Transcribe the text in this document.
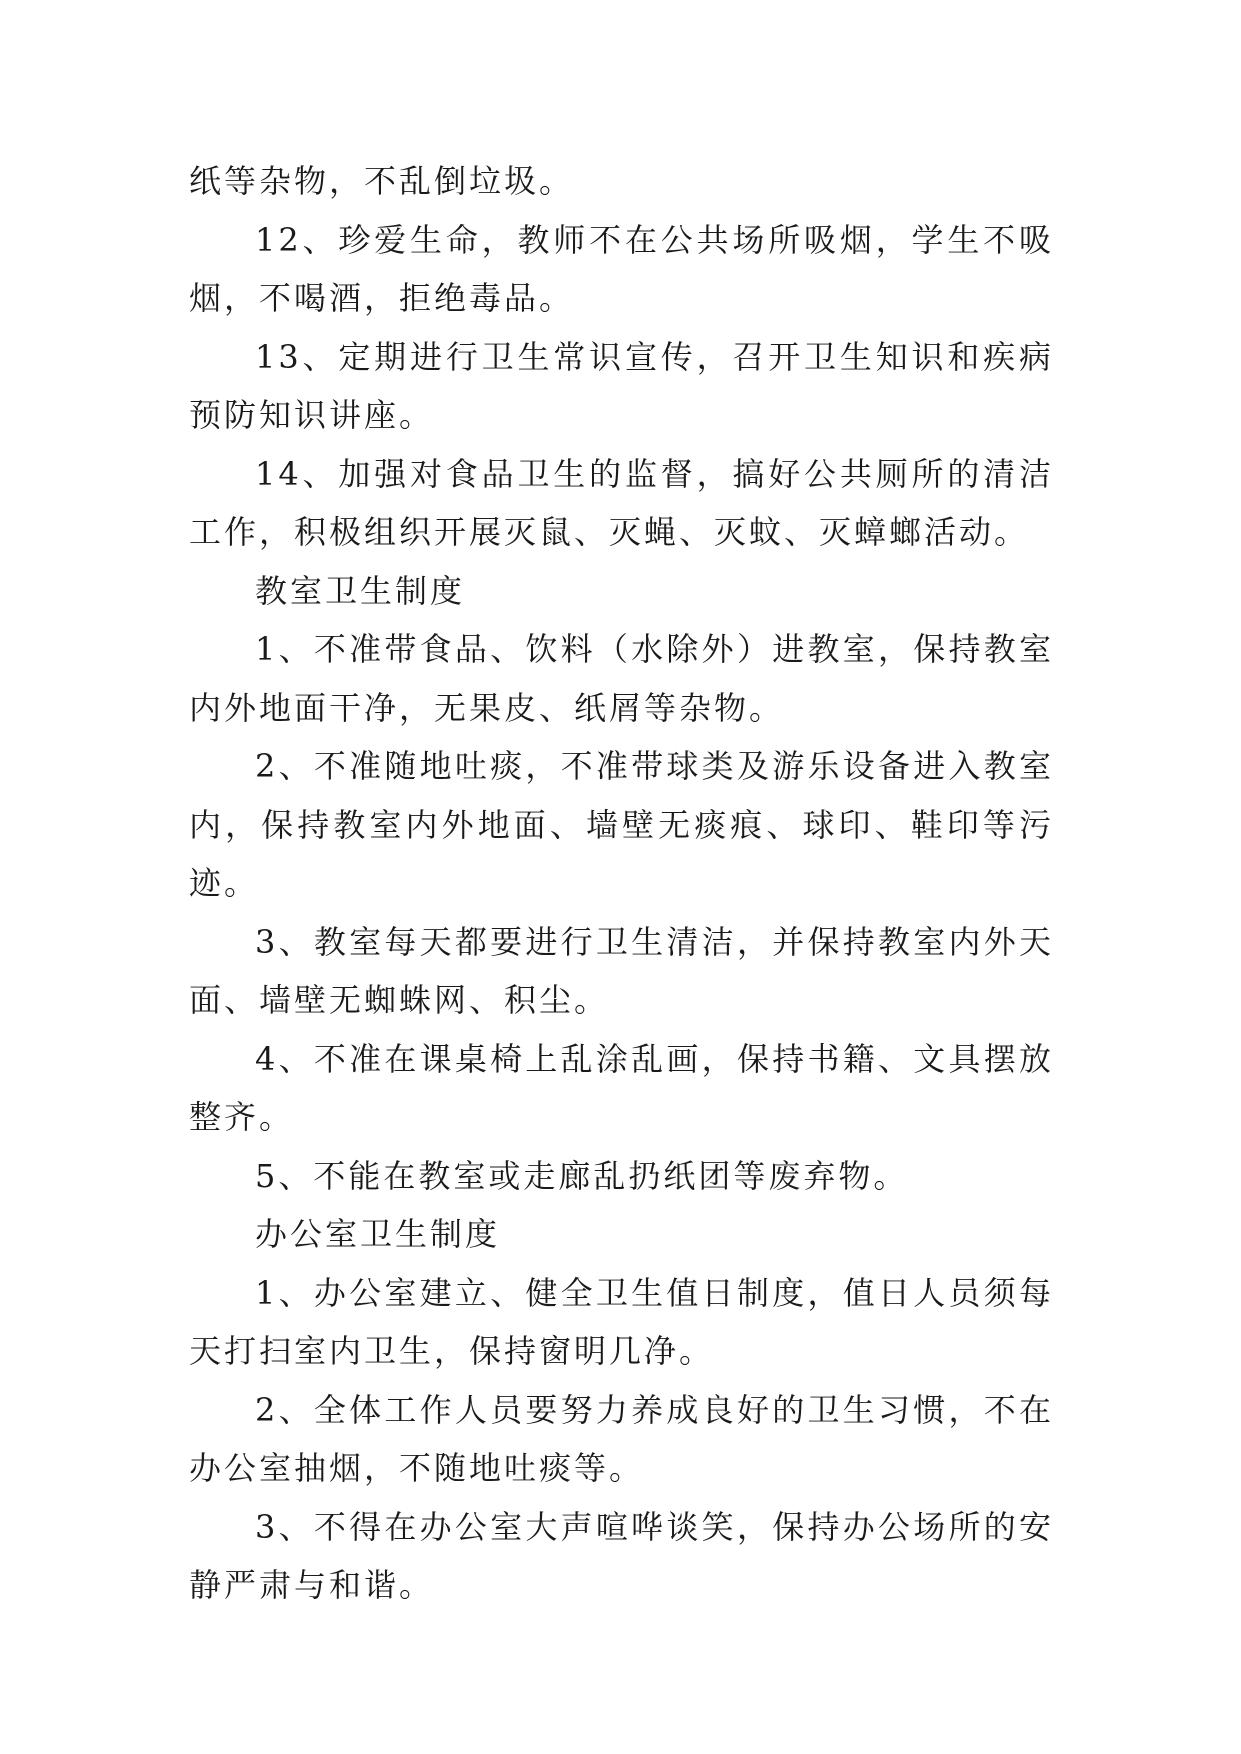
纸等杂物，不乱倒垃圾。

12、珍爱生命，教师不在公共场所吸烟，学生不吸烟，不喝酒，拒绝毒品。

13、定期进行卫生常识宣传，召开卫生知识和疾病预防知识讲座。

14、加强对食品卫生的监督，搞好公共厕所的清洁工作，积极组织开展灭鼠、灭蝇、灭蚊、灭蟑螂活动。

教室卫生制度

1、不准带食品、饮料（水除外）进教室，保持教室内外地面干净，无果皮、纸屑等杂物。

2、不准随地吐痰，不准带球类及游乐设备进入教室内，保持教室内外地面、墙壁无痰痕、球印、鞋印等污迹。

3、教室每天都要进行卫生清洁，并保持教室内外天面、墙壁无蜘蛛网、积尘。

4、不准在课桌椅上乱涂乱画，保持书籍、文具摆放整齐。

5、不能在教室或走廊乱扔纸团等废弃物。

办公室卫生制度

1、办公室建立、健全卫生值日制度，值日人员须每天打扫室内卫生，保持窗明几净。

2、全体工作人员要努力养成良好的卫生习惯，不在办公室抽烟，不随地吐痰等。

3、不得在办公室大声喧哗谈笑，保持办公场所的安静严肃与和谐。
